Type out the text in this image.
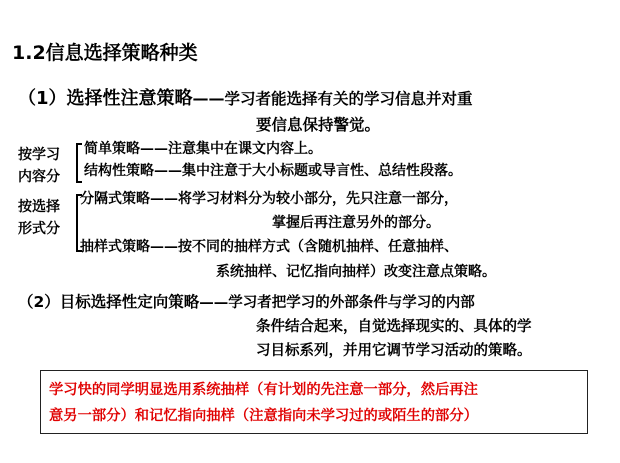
1.2信息选择策略种类
（1）选择性注意策略——学习者能选择有关的学习信息并对重
要信息保持警觉。
按学习
内容分
简单策略——注意集中在课文内容上。
结构性策略——集中注意于大小标题或导言性、总结性段落。
按选择
形式分
分隔式策略——将学习材料分为较小部分，先只注意一部分，
掌握后再注意另外的部分。
抽样式策略——按不同的抽样方式（含随机抽样、任意抽样、
系统抽样、记忆指向抽样）改变注意点策略。
（2）目标选择性定向策略——学习者把学习的外部条件与学习的内部
条件结合起来，自觉选择现实的、具体的学
习目标系列，并用它调节学习活动的策略。
学习快的同学明显选用系统抽样（有计划的先注意一部分，然后再注
意另一部分）和记忆指向抽样（注意指向未学习过的或陌生的部分）
